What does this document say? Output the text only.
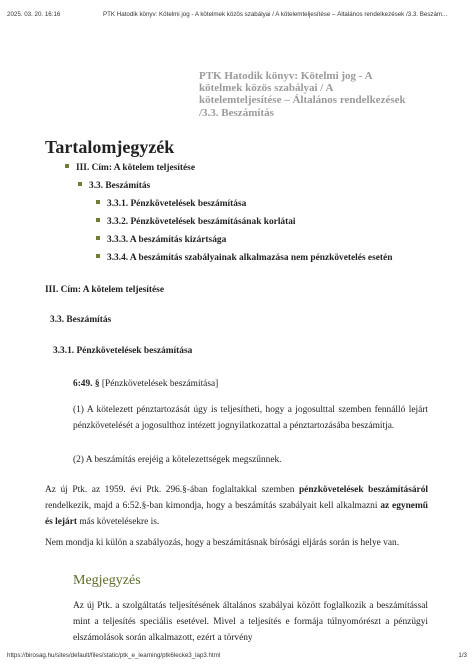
2025. 03. 20. 16:16	PTK Hatodik könyv: Kötelmi jog - A kötelmek közös szabályai / A kötelemteljesítése – Általános rendelkezések /3.3. Beszám...
PTK Hatodik könyv: Kötelmi jog - A kötelmek közös szabályai / A kötelemteljesítése – Általános rendelkezések /3.3. Beszámítás
Tartalomjegyzék
III. Cím: A kötelem teljesítése
3.3. Beszámítás
3.3.1. Pénzkövetelések beszámítása
3.3.2. Pénzkövetelések beszámításának korlátai
3.3.3. A beszámítás kizártsága
3.3.4. A beszámítás szabályainak alkalmazása nem pénzkövetelés esetén
III. Cím: A kötelem teljesítése
3.3. Beszámítás
3.3.1. Pénzkövetelések beszámítása
6:49. § [Pénzkövetelések beszámítása]
(1) A kötelezett pénztartozását úgy is teljesítheti, hogy a jogosulttal szemben fennálló lejárt pénzkövetelését a jogosulthoz intézett jognyilatkozattal a pénztartozásába beszámítja.
(2) A beszámítás erejéig a kötelezettségek megszűnnek.
Az új Ptk. az 1959. évi Ptk. 296.§-ában foglaltakkal szemben pénzkövetelések beszámításáról rendelkezik, majd a 6:52.§-ban kimondja, hogy a beszámítás szabályait kell alkalmazni az egynemű és lejárt más követelésekre is.
Nem mondja ki külön a szabályozás, hogy a beszámításnak bírósági eljárás során is helye van.
Megjegyzés
Az új Ptk. a szolgáltatás teljesítésének általános szabályai között foglalkozik a beszámítással mint a teljesítés speciális esetével. Mivel a teljesítés e formája túlnyomórészt a pénzügyi elszámolások során alkalmazott, ezért a törvény
https://birosag.hu/sites/default/files/static/ptk_e_learning/ptk6lecke3_lap3.html	1/3
